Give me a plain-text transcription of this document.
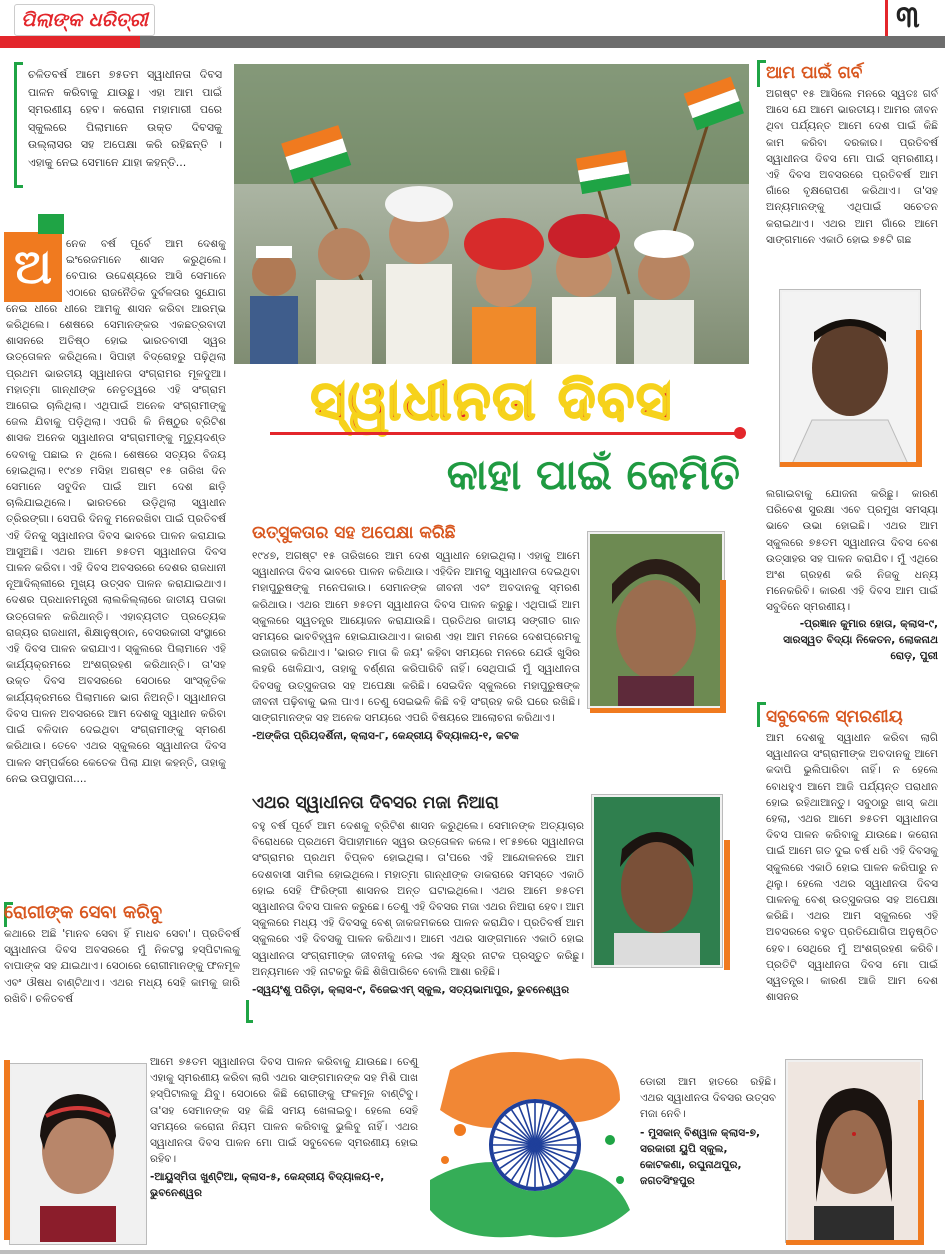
ପିଲାଙ୍କ ଧରିତ୍ରୀ	୩
ଚଳିତବର୍ଷ ଆମେ ୭୫ତମ ସ୍ୱାଧୀନତା ଦିବସ ପାଳନ କରିବାକୁ ଯାଉଛୁ। ଏହା ଆମ ପାଇଁ ସ୍ମରଣୀୟ ହେବ। କରୋନା ମହାମାରୀ ପରେ ସ୍କୁଲରେ ପିଲାମାନେ ଉକ୍ତ ଦିବସକୁ ଉଲ୍ଲାସର ସହ ଅପେକ୍ଷା କରି ରହିଛନ୍ତି । ଏହାକୁ ନେଇ ସେମାନେ ଯାହା କହନ୍ତି...
ଅ	ନେକ ବର୍ଷ ପୂର୍ବେ ଆମ ଦେଶକୁ ଇଂରେଜମାନେ ଶାସନ କରୁଥିଲେ। ବେପାର ଉଦ୍ଦେଶ୍ୟରେ ଆସି ସେମାନେ ଏଠାରେ ରାଜନୈତିକ ଦୁର୍ବଳତାର ସୁଯୋଗ ନେଇ ଧୀରେ ଧୀରେ ଆମକୁ ଶାସନ କରିବା ଆରମ୍ଭ କରିଥିଲେ। ଶେଷରେ ସେମାନଙ୍କର ଏକଛତ୍ରବାଦୀ ଶାସନରେ ଅତିଷ୍ଠ ହୋଇ ଭାରତବାସୀ ସ୍ୱର ଉତ୍ତୋଳନ କରିଥିଲେ। ସିପାହୀ ବିଦ୍ରୋହରୁ ପଢ଼ିଥିଲା ପ୍ରଥମ ଭାରତୀୟ ସ୍ୱାଧୀନତା ସଂଗ୍ରାମର ମୂଳଦୁଆ। ମହାତ୍ମା ଗାନ୍ଧୀଙ୍କ ନେତୃତ୍ୱରେ ଏହି ସଂଗ୍ରାମ ଆଗେଇ ଚାଲିଥିଲା। ଏଥିପାଇଁ ଅନେକ ସଂଗ୍ରାମୀଙ୍କୁ ଜେଲ ଯିବାକୁ ପଡ଼ିଥିଲା। ଏପରି କି ନିଷ୍ଠୁର ବ୍ରିଟିଶ ଶାସକ ଅନେକ ସ୍ୱାଧୀନତା ସଂଗ୍ରାମୀଙ୍କୁ ମୃତ୍ୟୁଦଣ୍ଡ ଦେବାକୁ ପଛାଇ ନ ଥିଲେ। ଶେଷରେ ସତ୍ୟର ବିଜୟ ହୋଇଥିଲା। ୧୯୪୭ ମସିହା ଅଗଷ୍ଟ ୧୫ ତାରିଖ ଦିନ ସେମାନେ ସବୁଦିନ ପାଇଁ ଆମ ଦେଶ ଛାଡ଼ି ଚାଲିଯାଇଥିଲେ। ଭାରତରେ ଉଡ଼ିଥିଲା ସ୍ୱାଧୀନ ତ୍ରିରଙ୍ଗା। ସେପରି ଦିନକୁ ମନେରଖିବା ପାଇଁ ପ୍ରତିବର୍ଷ ଏହି ଦିନକୁ ସ୍ୱାଧୀନତା ଦିବସ ଭାବରେ ପାଳନ କରାଯାଇ ଆସୁଅଛି। ଏଥର ଆମେ ୭୫ତମ ସ୍ୱାଧୀନତା ଦିବସ ପାଳନ କରିବା। ଏହି ଦିବସ ଅବସରରେ ଦେଶର ରାଜଧାନୀ ନୂଆଦିଲ୍ଲୀରେ ମୁଖ୍ୟ ଉତ୍ସବ ପାଳନ କରାଯାଇଥାଏ। ଦେଶର ପ୍ରଧାନମନ୍ତ୍ରୀ ଲାଲକିଲ୍ଲାରେ ଜାତୀୟ ପତାକା ଉତ୍ତୋଳନ କରିଥାନ୍ତି। ଏହାବ୍ୟତୀତ ପ୍ରତ୍ୟେକ ରାଜ୍ୟର ରାଜଧାନୀ, ଶିକ୍ଷାନୁଷ୍ଠାନ, ବେସରକାରୀ ସଂସ୍ଥାରେ ଏହି ଦିବସ ପାଳନ କରାଯାଏ। ସ୍କୁଲରେ ପିଲାମାନେ ଏହି କାର୍ଯ୍ୟକ୍ରମରେ ଅଂଶଗ୍ରହଣ କରିଥାନ୍ତି। ତା'ସହ ଉକ୍ତ ଦିବସ ଅବସରରେ ସେଠାରେ ସାଂସ୍କୃତିକ କାର୍ଯ୍ୟକ୍ରମରେ ପିଲାମାନେ ଭାଗ ନିଅନ୍ତି। ସ୍ୱାଧୀନତା ଦିବସ ପାଳନ ଅବସରରେ ଆମ ଦେଶକୁ ସ୍ୱାଧୀନ କରିବା ପାଇଁ ବଳିଦାନ ଦେଇଥିବା ସଂଗ୍ରାମୀଙ୍କୁ ସ୍ମରଣ କରିଥାଉ। ତେବେ ଏଥର ସ୍କୁଲରେ ସ୍ୱାଧୀନତା ଦିବସ ପାଳନ ସମ୍ପର୍କରେ କେତେକ ପିଲା ଯାହା କହନ୍ତି, ତାହାକୁ ନେଇ ଉପସ୍ଥାପନା....

ସ୍ୱାଧୀନତା ଦିବସ
କାହା ପାଇଁ କେମିତି

ଉତ୍ସୁକତାର ସହ ଅପେକ୍ଷା କରିଛି

୧୯୪୭, ଅଗଷ୍ଟ ୧୫ ତାରିଖରେ ଆମ ଦେଶ ସ୍ୱାଧୀନ ହୋଇଥିଲା। ଏହାକୁ ଆମେ ସ୍ୱାଧୀନତା ଦିବସ ଭାବରେ ପାଳନ କରିଥାଉ। ଏହିଦିନ ଆମକୁ ସ୍ୱାଧୀନତା ଦେଇଥିବା ମହାପୁରୁଷଙ୍କୁ ମନେପକାଉ। ସେମାନଙ୍କ ଜୀବନୀ ଏବଂ ଅବଦାନକୁ ସ୍ମରଣ କରିଥାଉ। ଏଥର ଆମେ ୭୫ତମ ସ୍ୱାଧୀନତା ଦିବସ ପାଳନ କରୁଛୁ। ଏଥିପାଇଁ ଆମ ସ୍କୁଲରେ ସ୍ୱତନ୍ତ୍ର ଆୟୋଜନ କରାଯାଉଛି। ପ୍ରତିଥର ଜାତୀୟ ସଙ୍ଗୀତ ଗାନ ସମୟରେ ଭାବବିହ୍ୱଳ ହୋଇଯାଉଥାଏ। କାରଣ ଏହା ଆମ ମନରେ ଦେଶପ୍ରେମକୁ ଉଜାଗର କରିଥାଏ। 'ଭାରତ ମାତା କି ଜୟ' କହିବା ସମୟରେ ମନରେ ଯେଉଁ ଖୁସିର ଲହରି ଖେଳିଯାଏ, ତାହାକୁ ବର୍ଣ୍ଣନା କରିପାରିବି ନାହିଁ। ସେଥିପାଇଁ ମୁଁ ସ୍ୱାଧୀନତା ଦିବସକୁ ଉତ୍ସୁକତାର ସହ ଅପେକ୍ଷା କରିଛି। ସେଇଦିନ ସ୍କୁଲରେ ମହାପୁରୁଷଙ୍କ ଜୀବନୀ ପଢ଼ିବାକୁ ଭଲ ପାଏ। ତେଣୁ ସେଇଭଳି କିଛି ବହି ସଂଗ୍ରହ କରି ଘରେ ରଖିଛି। ସାଙ୍ଗମାନଙ୍କ ସହ ଅନେକ ସମୟରେ ଏପରି ବିଷୟରେ ଆଲୋଚନା କରିଥାଏ।

-ଅଙ୍କିତା ପ୍ରିୟଦର୍ଶିନୀ, କ୍ଲାସ-୮, କେନ୍ଦ୍ରୀୟ ବିଦ୍ୟାଳୟ-୧, କଟକ

ଏଥର ସ୍ୱାଧୀନତା ଦିବସର ମଜା ନିଆରା

ବହୁ ବର୍ଷ ପୂର୍ବେ ଆମ ଦେଶକୁ ବ୍ରିଟିଶ ଶାସନ କରୁଥିଲେ। ସେମାନଙ୍କ ଅତ୍ୟାଚାର ବିରୋଧରେ ପ୍ରଥମେ ସିପାହୀମାନେ ସ୍ୱର ଉତ୍ତୋଳନ କଲେ। ୧୮୫୭ରେ ସ୍ୱାଧୀନତା ସଂଗ୍ରାମର ପ୍ରଥମ ବିପ୍ଳବ ହୋଇଥିଲା। ତା'ପରେ ଏହି ଆନ୍ଦୋଳନରେ ଆମ ଦେଶବାସୀ ସାମିଲ ହୋଇଥିଲେ। ମହାତ୍ମା ଗାନ୍ଧୀଙ୍କ ଡାକରାରେ ସମସ୍ତେ ଏକାଠି ହୋଇ ସେହି ଫିରିଙ୍ଗୀ ଶାସନର ଅନ୍ତ ଘଟାଇଥିଲେ। ଏଥର ଆମେ ୭୫ତମ ସ୍ୱାଧୀନତା ଦିବସ ପାଳନ କରୁଛେ। ତେଣୁ ଏହି ଦିବସର ମଜା ଏଥର ନିଆରା ହେବ। ଆମ ସ୍କୁଲରେ ମଧ୍ୟ ଏହି ଦିବସକୁ ବେଶ୍ ଜାକଜମକରେ ପାଳନ କରାଯିବ। ପ୍ରତିବର୍ଷ ଆମ ସ୍କୁଲରେ ଏହି ଦିବସକୁ ପାଳନ କରିଥାଏ। ଆମେ ଏଥର ସାଙ୍ଗମାନେ ଏକାଠି ହୋଇ ସ୍ୱାଧୀନତା ସଂଗ୍ରାମୀଙ୍କ ଜୀବନୀକୁ ନେଇ ଏକ କ୍ଷୁଦ୍ର ନାଟକ ପ୍ରସ୍ତୁତ କରିଛୁ। ଅନ୍ୟମାନେ ଏହି ନାଟକରୁ କିଛି ଶିଖିପାରିବେ ବୋଲି ଆଶା ରହିଛି।

-ସ୍ୱୟଂଶୁ ପରିଡ଼ା, କ୍ଲାସ-୯, ବିଜେଇଏମ୍ ସ୍କୁଲ, ସତ୍ୟଭାମାପୁର, ଭୁବନେଶ୍ୱର

ଆମ ପାଇଁ ଗର୍ବ

ଅଗଷ୍ଟ ୧୫ ଆସିଲେ ମନରେ ସ୍ୱତଃ ଗର୍ବ ଆସେ ଯେ ଆମେ ଭାରତୀୟ। ଆମର ଜୀବନ ଥିବା ପର୍ଯ୍ୟନ୍ତ ଆମେ ଦେଶ ପାଇଁ କିଛି କାମ କରିବା ଦରକାର। ପ୍ରତିବର୍ଷ ସ୍ୱାଧୀନତା ଦିବସ ମୋ ପାଇଁ ସ୍ମରଣୀୟ। ଏହି ଦିବସ ଅବସରରେ ପ୍ରତିବର୍ଷ ଆମ ଗାଁରେ ବୃକ୍ଷରୋପଣ କରିଥାଏ। ତା'ସହ ଅନ୍ୟମାନଙ୍କୁ ଏଥିପାଇଁ ସଚେତନ କରାଇଥାଏ। ଏଥର ଆମ ଗାଁରେ ଆମେ ସାଙ୍ଗମାନେ ଏକାଠି ହୋଇ ୭୫ଟି ଗଛ

ଲଗାଇବାକୁ ଯୋଜନା କରିଛୁ। କାରଣ ପରିବେଶ ସୁରକ୍ଷା ଏବେ ପ୍ରମୁଖ ସମସ୍ୟା ଭାବେ ଉଭା ହୋଇଛି। ଏଥର ଆମ ସ୍କୁଲରେ ୭୫ତମ ସ୍ୱାଧୀନତା ଦିବସ ବେଶ ଉତ୍ସାହର ସହ ପାଳନ କରାଯିବ। ମୁଁ ଏଥିରେ ଅଂଶ ଗ୍ରହଣ କରି ନିଜକୁ ଧନ୍ୟ ମନେକରିବି। କାରଣ ଏହି ଦିବସ ଆମ ପାଇଁ ସବୁଦିନେ ସ୍ମରଣୀୟ।

-ପ୍ରଜ୍ଞାନ କୁମାର ହୋତା, କ୍ଲାସ-୯, ସାରସ୍ୱତ ବିଦ୍ୟା ନିକେତନ, ଲୋକନାଥ ରୋଡ଼, ପୁରୀ

ସବୁବେଳେ ସ୍ମରଣୀୟ

ଆମ ଦେଶକୁ ସ୍ୱାଧୀନ କରିବା ଲାଗି ସ୍ୱାଧୀନତା ସଂଗ୍ରାମୀଙ୍କ ଅବଦାନକୁ ଆମେ କଦାପି ଭୁଲିପାରିବା ନାହିଁ। ନ ହେଲେ ବୋଧହୁଏ ଆମେ ଆଜି ପର୍ଯ୍ୟନ୍ତ ପରାଧୀନ ହୋଇ ରହିଥାଆନ୍ତୁ। ସବୁଠାରୁ ଖାସ୍ କଥା ହେଲା, ଏଥର ଆମେ ୭୫ତମ ସ୍ୱାଧୀନତା ଦିବସ ପାଳନ କରିବାକୁ ଯାଉଛେ। କରୋନା ପାଇଁ ଆମେ ଗତ ଦୁଇ ବର୍ଷ ଧରି ଏହି ଦିବସକୁ ସ୍କୁଲରେ ଏକାଠି ହୋଇ ପାଳନ କରିପାରୁ ନ ଥିଲୁ। ହେଲେ ଏଥର ସ୍ୱାଧୀନତା ଦିବସ ପାଳନକୁ ବେଶ୍ ଉତ୍ସୁକତାର ସହ ଅପେକ୍ଷା କରିଛି। ଏଥର ଆମ ସ୍କୁଲରେ ଏହି ଅବସରରେ ବହୁତ ପ୍ରତିଯୋଗିତା ଅନୁଷ୍ଠିତ ହେବ। ସେଥିରେ ମୁଁ ଅଂଶଗ୍ରହଣ କରିବି। ପ୍ରତିଟି ସ୍ୱାଧୀନତା ଦିବସ ମୋ ପାଇଁ ସ୍ୱତନ୍ତ୍ର। କାରଣ ଆଜି ଆମ ଦେଶ ଶାସନର

ଡୋରୀ ଆମ ହାତରେ ରହିଛି। ଏଥର ସ୍ୱାଧୀନତା ଦିବସର ଉତ୍ସବ ମଜା ନେବି।

- ମୁସକାନ୍ ବିଶ୍ୱାଳ କ୍ଲାସ-୭, ସରକାରୀ ୟୁପି ସ୍କୁଲ, କୋଟକଣା, ରଘୁନାଥପୁର, ଜଗତସିଂହପୁର

ରୋଗୀଙ୍କ ସେବା କରିବୁ

କଥାରେ ଅଛି 'ମାନବ ସେବା ହିଁ ମାଧବ ସେବା'। ପ୍ରତିବର୍ଷ ସ୍ୱାଧୀନତା ଦିବସ ଅବସରରେ ମୁଁ ନିକଟସ୍ଥ ହସ୍ପିଟାଲକୁ ବାପାଙ୍କ ସହ ଯାଇଥାଏ। ସେଠାରେ ରୋଗୀମାନଙ୍କୁ ଫଳମୂଳ ଏବଂ ଔଷଧ ବାଣ୍ଟିଥାଏ। ଏଥର ମଧ୍ୟ ସେହି କାମକୁ ଜାରି ରଖିବି। ଚଳିତବର୍ଷ

ଆମେ ୭୫ତମ ସ୍ୱାଧୀନତା ଦିବସ ପାଳନ କରିବାକୁ ଯାଉଛେ। ତେଣୁ ଏହାକୁ ସ୍ମରଣୀୟ କରିବା ଲାଗି ଏଥର ସାଙ୍ଗମାନଙ୍କ ସହ ମିଶି ପାଖ ହସ୍ପିଟାଲକୁ ଯିବୁ। ସେଠାରେ କିଛି ରୋଗୀଙ୍କୁ ଫଳମୂଳ ବାଣ୍ଟିବୁ। ତା'ସହ ସେମାନଙ୍କ ସହ କିଛି ସମୟ ଖେଳାଇବୁ। ହେଲେ ସେହି ସମୟରେ କରୋନା ନିୟମ ପାଳନ କରିବାକୁ ଭୁଲିବୁ ନାହିଁ। ଏଥର ସ୍ୱାଧୀନତା ଦିବସ ପାଳନ ମୋ ପାଇଁ ସବୁବେଳେ ସ୍ମରଣୀୟ ହୋଇ ରହିବ।

-ଆୟୁସ୍ମିତା ଖୁଣ୍ଟିଆ, କ୍ଲାସ-୫, କେନ୍ଦ୍ରୀୟ ବିଦ୍ୟାଳୟ-୧, ଭୁବନେଶ୍ୱର
